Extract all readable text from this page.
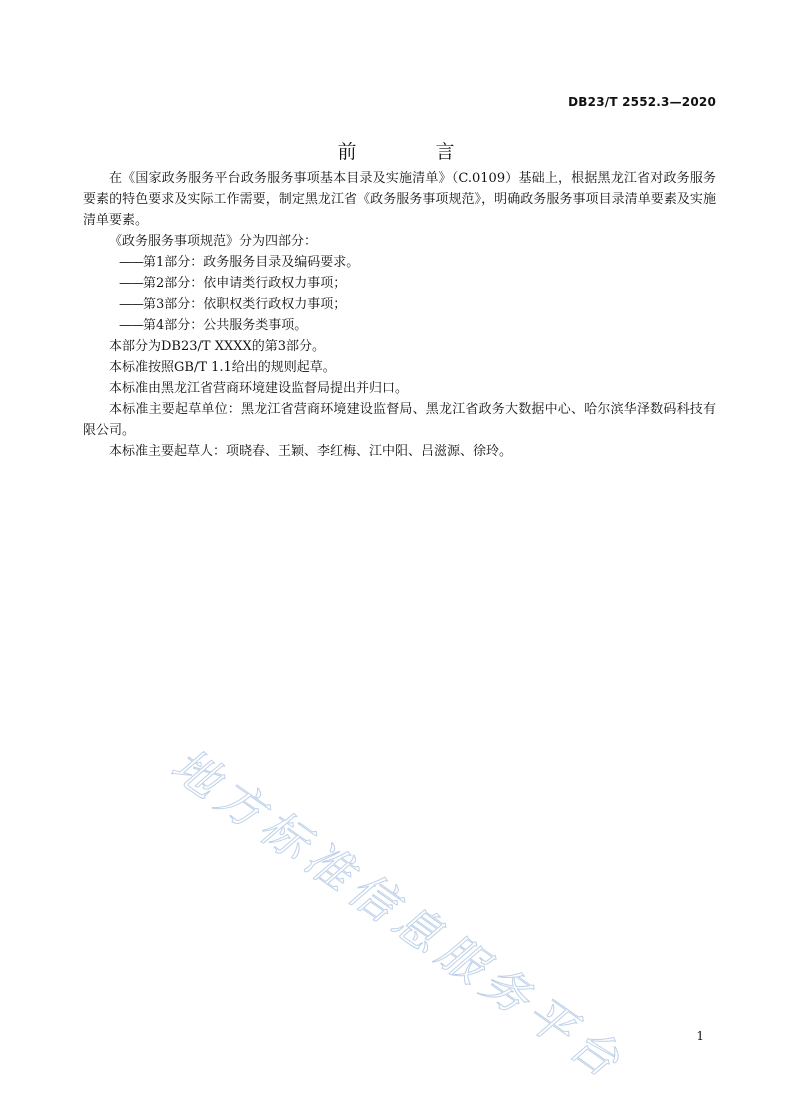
DB23/T 2552.3—2020
前　言

在《国家政务服务平台政务服务事项基本目录及实施清单》（C.0109）基础上，根据黑龙江省对政务服务要素的特色要求及实际工作需要，制定黑龙江省《政务服务事项规范》，明确政务服务事项目录清单要素及实施清单要素。

《政务服务事项规范》分为四部分：

——第1部分：政务服务目录及编码要求。

——第2部分：依申请类行政权力事项；

——第3部分：依职权类行政权力事项；

——第4部分：公共服务类事项。

本部分为DB23/T XXXX的第3部分。

本标准按照GB/T 1.1给出的规则起草。

本标准由黑龙江省营商环境建设监督局提出并归口。

本标准主要起草单位：黑龙江省营商环境建设监督局、黑龙江省政务大数据中心、哈尔滨华泽数码科技有限公司。

本标准主要起草人：项晓春、王颖、李红梅、江中阳、吕滋源、徐玲。

地方标准信息服务平台	1
